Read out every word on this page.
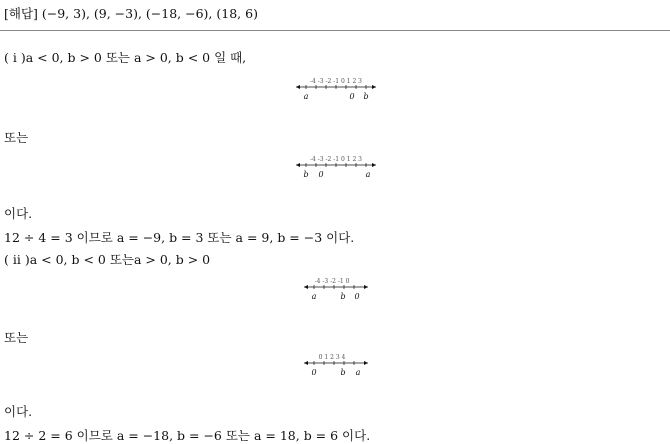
[해답] (−9, 3), (9, −3), (−18, −6), (18, 6)
( i )a < 0, b > 0 또는 a > 0, b < 0 일 때,
-4 -3 -2 -1 0 1 2 3
a	0 b
또는
-4 -3 -2 -1 0 1 2 3
b 0	a
이다.
12 ÷ 4 = 3 이므로 a = −9, b = 3 또는 a = 9, b = −3 이다.
( ii )a < 0, b < 0 또는a > 0, b > 0
-4 -3 -2 -1 0
a	b 0
또는
0 1 2 3 4
0	b a
이다.
12 ÷ 2 = 6 이므로 a = −18, b = −6 또는 a = 18, b = 6 이다.
